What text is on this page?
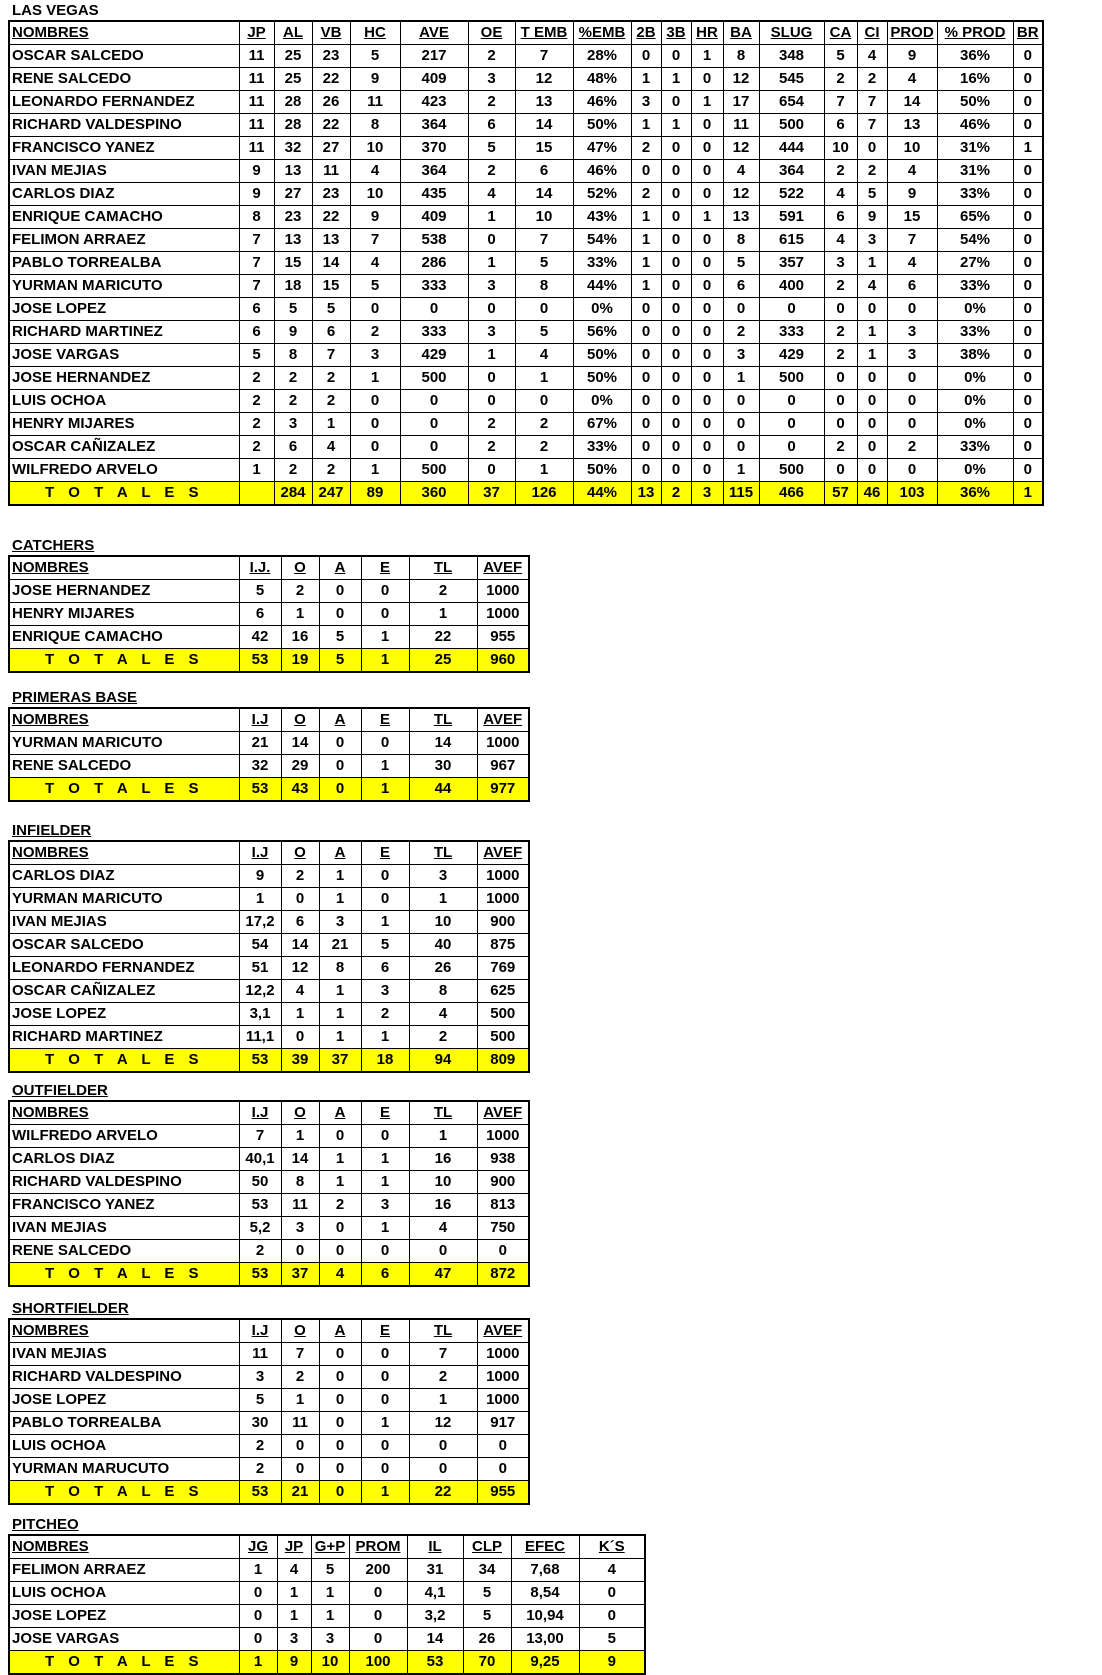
LAS VEGAS
NOMBRES	JP	AL	VB	HC	AVE	OE	T EMB	%EMB	2B	3B	HR	BA	SLUG	CA	CI	PROD	% PROD	BR
OSCAR SALCEDO	11	25	23	5	217	2	7	28%	0	0	1	8	348	5	4	9	36%	0
RENE SALCEDO	11	25	22	9	409	3	12	48%	1	1	0	12	545	2	2	4	16%	0
LEONARDO FERNANDEZ	11	28	26	11	423	2	13	46%	3	0	1	17	654	7	7	14	50%	0
RICHARD VALDESPINO	11	28	22	8	364	6	14	50%	1	1	0	11	500	6	7	13	46%	0
FRANCISCO YANEZ	11	32	27	10	370	5	15	47%	2	0	0	12	444	10	0	10	31%	1
IVAN MEJIAS	9	13	11	4	364	2	6	46%	0	0	0	4	364	2	2	4	31%	0
CARLOS DIAZ	9	27	23	10	435	4	14	52%	2	0	0	12	522	4	5	9	33%	0
ENRIQUE CAMACHO	8	23	22	9	409	1	10	43%	1	0	1	13	591	6	9	15	65%	0
FELIMON ARRAEZ	7	13	13	7	538	0	7	54%	1	0	0	8	615	4	3	7	54%	0
PABLO TORREALBA	7	15	14	4	286	1	5	33%	1	0	0	5	357	3	1	4	27%	0
YURMAN MARICUTO	7	18	15	5	333	3	8	44%	1	0	0	6	400	2	4	6	33%	0
JOSE LOPEZ	6	5	5	0	0	0	0	0%	0	0	0	0	0	0	0	0	0%	0
RICHARD MARTINEZ	6	9	6	2	333	3	5	56%	0	0	0	2	333	2	1	3	33%	0
JOSE VARGAS	5	8	7	3	429	1	4	50%	0	0	0	3	429	2	1	3	38%	0
JOSE HERNANDEZ	2	2	2	1	500	0	1	50%	0	0	0	1	500	0	0	0	0%	0
LUIS OCHOA	2	2	2	0	0	0	0	0%	0	0	0	0	0	0	0	0	0%	0
HENRY MIJARES	2	3	1	0	0	2	2	67%	0	0	0	0	0	0	0	0	0%	0
OSCAR CAÑIZALEZ	2	6	4	0	0	2	2	33%	0	0	0	0	0	2	0	2	33%	0
WILFREDO ARVELO	1	2	2	1	500	0	1	50%	0	0	0	1	500	0	0	0	0%	0
T O T A L E S		284	247	89	360	37	126	44%	13	2	3	115	466	57	46	103	36%	1
CATCHERS
NOMBRES	I.J.	O	A	E	TL	AVEF
JOSE HERNANDEZ	5	2	0	0	2	1000
HENRY MIJARES	6	1	0	0	1	1000
ENRIQUE CAMACHO	42	16	5	1	22	955
T O T A L E S	53	19	5	1	25	960
PRIMERAS BASE
NOMBRES	I.J	O	A	E	TL	AVEF
YURMAN MARICUTO	21	14	0	0	14	1000
RENE SALCEDO	32	29	0	1	30	967
T O T A L E S	53	43	0	1	44	977
INFIELDER
NOMBRES	I.J	O	A	E	TL	AVEF
CARLOS DIAZ	9	2	1	0	3	1000
YURMAN MARICUTO	1	0	1	0	1	1000
IVAN MEJIAS	17,2	6	3	1	10	900
OSCAR SALCEDO	54	14	21	5	40	875
LEONARDO FERNANDEZ	51	12	8	6	26	769
OSCAR CAÑIZALEZ	12,2	4	1	3	8	625
JOSE LOPEZ	3,1	1	1	2	4	500
RICHARD MARTINEZ	11,1	0	1	1	2	500
T O T A L E S	53	39	37	18	94	809
OUTFIELDER
NOMBRES	I.J	O	A	E	TL	AVEF
WILFREDO ARVELO	7	1	0	0	1	1000
CARLOS DIAZ	40,1	14	1	1	16	938
RICHARD VALDESPINO	50	8	1	1	10	900
FRANCISCO YANEZ	53	11	2	3	16	813
IVAN MEJIAS	5,2	3	0	1	4	750
RENE SALCEDO	2	0	0	0	0	0
T O T A L E S	53	37	4	6	47	872
SHORTFIELDER
NOMBRES	I.J	O	A	E	TL	AVEF
IVAN MEJIAS	11	7	0	0	7	1000
RICHARD VALDESPINO	3	2	0	0	2	1000
JOSE LOPEZ	5	1	0	0	1	1000
PABLO TORREALBA	30	11	0	1	12	917
LUIS OCHOA	2	0	0	0	0	0
YURMAN MARUCUTO	2	0	0	0	0	0
T O T A L E S	53	21	0	1	22	955
PITCHEO
NOMBRES	JG	JP	G+P	PROM	IL	CLP	EFEC	K´S
FELIMON ARRAEZ	1	4	5	200	31	34	7,68	4
LUIS OCHOA	0	1	1	0	4,1	5	8,54	0
JOSE LOPEZ	0	1	1	0	3,2	5	10,94	0
JOSE VARGAS	0	3	3	0	14	26	13,00	5
T O T A L E S	1	9	10	100	53	70	9,25	9
